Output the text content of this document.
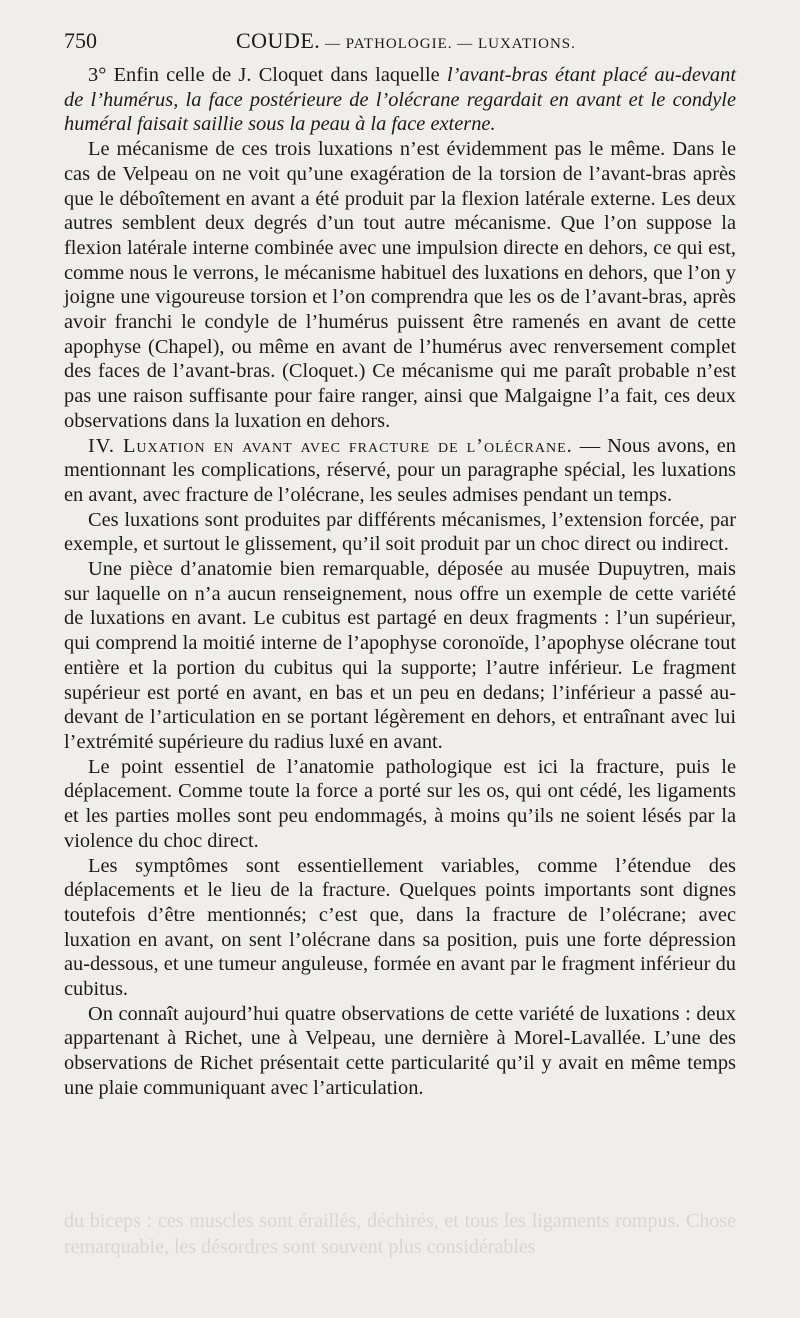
750	COUDE. — PATHOLOGIE. — LUXATIONS.

3° Enfin celle de J. Cloquet dans laquelle l’avant-bras étant placé au-devant de l’humérus, la face postérieure de l’olécrane regardait en avant et le condyle huméral faisait saillie sous la peau à la face externe.

Le mécanisme de ces trois luxations n’est évidemment pas le même. Dans le cas de Velpeau on ne voit qu’une exagération de la torsion de l’avant-bras après que le déboîtement en avant a été produit par la flexion latérale externe. Les deux autres semblent deux degrés d’un tout autre mécanisme. Que l’on suppose la flexion latérale interne combinée avec une impulsion directe en dehors, ce qui est, comme nous le verrons, le mécanisme habituel des luxations en dehors, que l’on y joigne une vigoureuse torsion et l’on comprendra que les os de l’avant-bras, après avoir franchi le condyle de l’humérus puissent être ramenés en avant de cette apophyse (Chapel), ou même en avant de l’humérus avec renversement complet des faces de l’avant-bras. (Cloquet.) Ce mécanisme qui me paraît probable n’est pas une raison suffisante pour faire ranger, ainsi que Malgaigne l’a fait, ces deux observations dans la luxation en dehors.

IV. Luxation en avant avec fracture de l’olécrane. — Nous avons, en mentionnant les complications, réservé, pour un paragraphe spécial, les luxations en avant, avec fracture de l’olécrane, les seules admises pendant un temps.

Ces luxations sont produites par différents mécanismes, l’extension forcée, par exemple, et surtout le glissement, qu’il soit produit par un choc direct ou indirect.

Une pièce d’anatomie bien remarquable, déposée au musée Dupuytren, mais sur laquelle on n’a aucun renseignement, nous offre un exemple de cette variété de luxations en avant. Le cubitus est partagé en deux fragments : l’un supérieur, qui comprend la moitié interne de l’apophyse coronoïde, l’apophyse olécrane tout entière et la portion du cubitus qui la supporte; l’autre inférieur. Le fragment supérieur est porté en avant, en bas et un peu en dedans; l’inférieur a passé au-devant de l’articulation en se portant légèrement en dehors, et entraînant avec lui l’extrémité supérieure du radius luxé en avant.

Le point essentiel de l’anatomie pathologique est ici la fracture, puis le déplacement. Comme toute la force a porté sur les os, qui ont cédé, les ligaments et les parties molles sont peu endommagés, à moins qu’ils ne soient lésés par la violence du choc direct.

Les symptômes sont essentiellement variables, comme l’étendue des déplacements et le lieu de la fracture. Quelques points importants sont dignes toutefois d’être mentionnés; c’est que, dans la fracture de l’olécrane; avec luxation en avant, on sent l’olécrane dans sa position, puis une forte dépression au-dessous, et une tumeur anguleuse, formée en avant par le fragment inférieur du cubitus.

On connaît aujourd’hui quatre observations de cette variété de luxations : deux appartenant à Richet, une à Velpeau, une dernière à Morel-Lavallée. L’une des observations de Richet présentait cette particularité qu’il y avait en même temps une plaie communiquant avec l’articulation.

du biceps : ces muscles sont éraillés, déchirés, et tous les ligaments rompus. Chose remarquable, les désordres sont souvent plus considérables
